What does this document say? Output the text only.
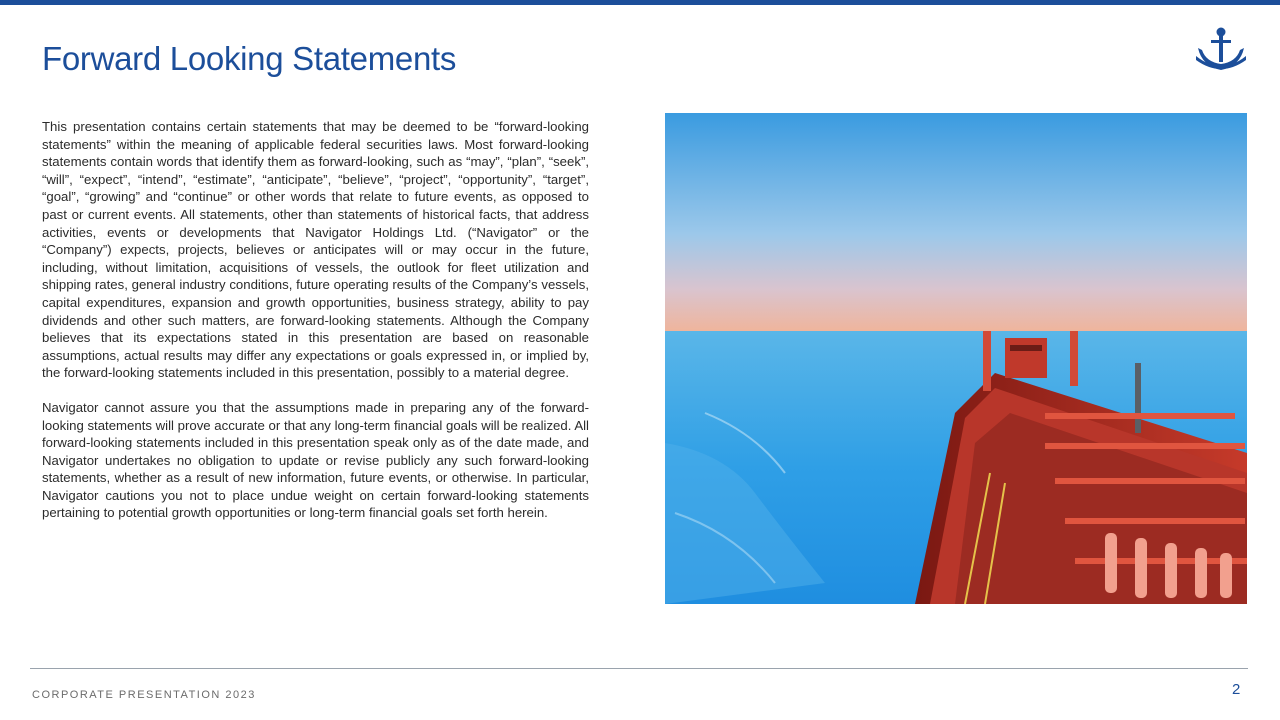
Forward Looking Statements

This presentation contains certain statements that may be deemed to be “forward-looking statements” within the meaning of applicable federal securities laws. Most forward-looking statements contain words that identify them as forward-looking, such as “may”, “plan”, “seek”, “will”, “expect”, “intend”, “estimate”, “anticipate”, “believe”, “project”, “opportunity”, “target”, “goal”, “growing” and “continue” or other words that relate to future events, as opposed to past or current events. All statements, other than statements of historical facts, that address activities, events or developments that Navigator Holdings Ltd. (“Navigator” or the “Company”) expects, projects, believes or anticipates will or may occur in the future, including, without limitation, acquisitions of vessels, the outlook for fleet utilization and shipping rates, general industry conditions, future operating results of the Company’s vessels, capital expenditures, expansion and growth opportunities, business strategy, ability to pay dividends and other such matters, are forward-looking statements. Although the Company believes that its expectations stated in this presentation are based on reasonable assumptions, actual results may differ any expectations or goals expressed in, or implied by, the forward-looking statements included in this presentation, possibly to a material degree.

Navigator cannot assure you that the assumptions made in preparing any of the forward-looking statements will prove accurate or that any long-term financial goals will be realized. All forward-looking statements included in this presentation speak only as of the date made, and Navigator undertakes no obligation to update or revise publicly any such forward-looking statements, whether as a result of new information, future events, or otherwise. In particular, Navigator cautions you not to place undue weight on certain forward-looking statements pertaining to potential growth opportunities or long-term financial goals set forth herein.

CORPORATE PRESENTATION 2023	2
